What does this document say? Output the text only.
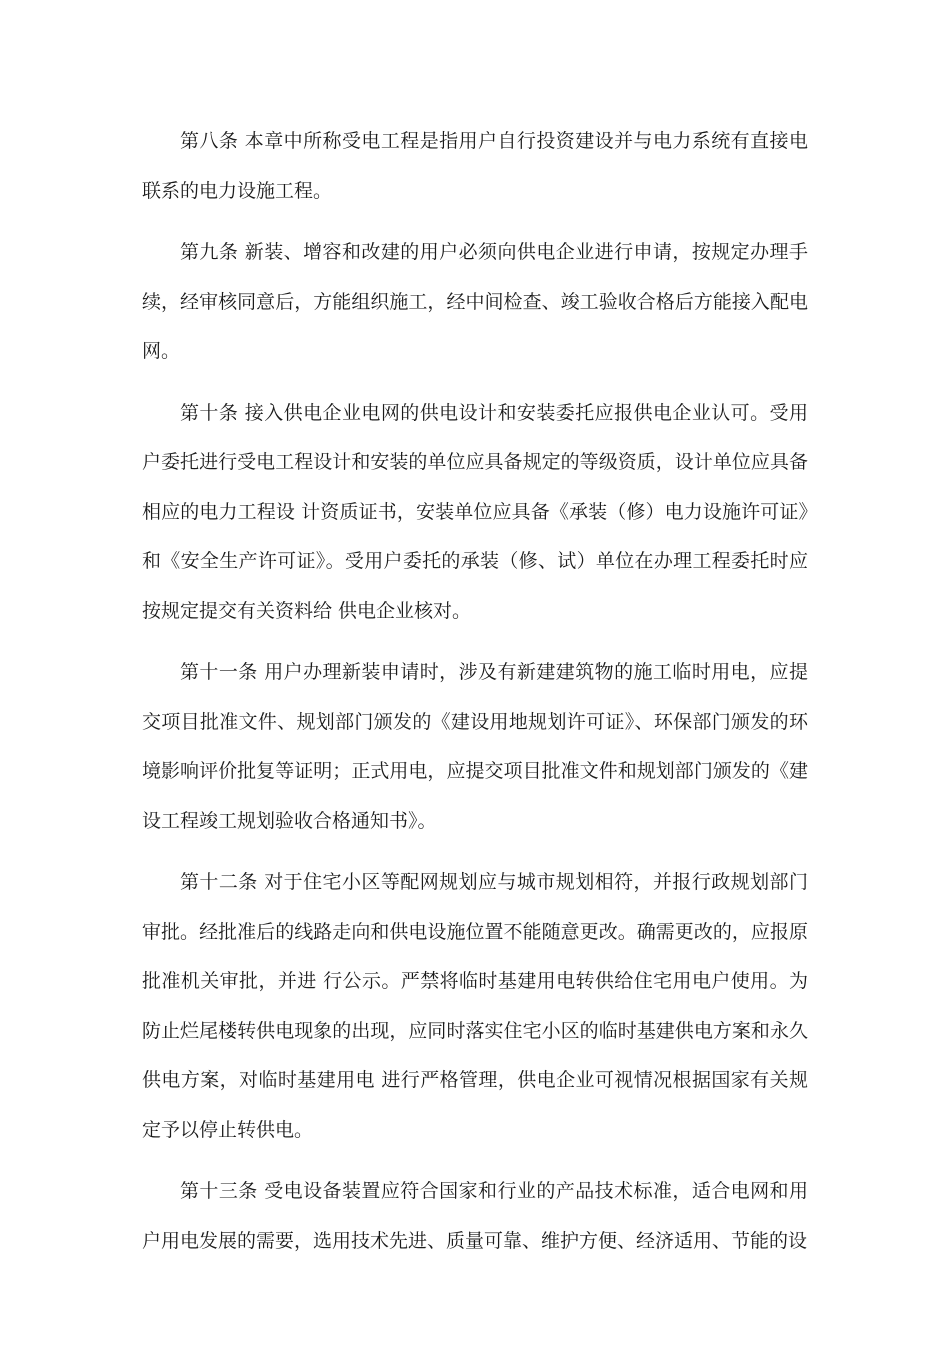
第八条 本章中所称受电工程是指用户自行投资建设并与电力系统有直接电联系的电力设施工程。

第九条 新装、增容和改建的用户必须向供电企业进行申请，按规定办理手续，经审核同意后，方能组织施工，经中间检查、竣工验收合格后方能接入配电网。

第十条 接入供电企业电网的供电设计和安装委托应报供电企业认可。受用户委托进行受电工程设计和安装的单位应具备规定的等级资质，设计单位应具备相应的电力工程设 计资质证书，安装单位应具备《承装（修）电力设施许可证》和《安全生产许可证》。受用户委托的承装（修、试）单位在办理工程委托时应按规定提交有关资料给 供电企业核对。

第十一条 用户办理新装申请时，涉及有新建建筑物的施工临时用电，应提交项目批准文件、规划部门颁发的《建设用地规划许可证》、环保部门颁发的环境影响评价批复等证明；正式用电，应提交项目批准文件和规划部门颁发的《建设工程竣工规划验收合格通知书》。

第十二条 对于住宅小区等配网规划应与城市规划相符，并报行政规划部门审批。经批准后的线路走向和供电设施位置不能随意更改。确需更改的，应报原批准机关审批，并进 行公示。严禁将临时基建用电转供给住宅用电户使用。为防止烂尾楼转供电现象的出现，应同时落实住宅小区的临时基建供电方案和永久供电方案，对临时基建用电 进行严格管理，供电企业可视情况根据国家有关规定予以停止转供电。

第十三条 受电设备装置应符合国家和行业的产品技术标准，适合电网和用户用电发展的需要，选用技术先进、质量可靠、维护方便、经济适用、节能的设
